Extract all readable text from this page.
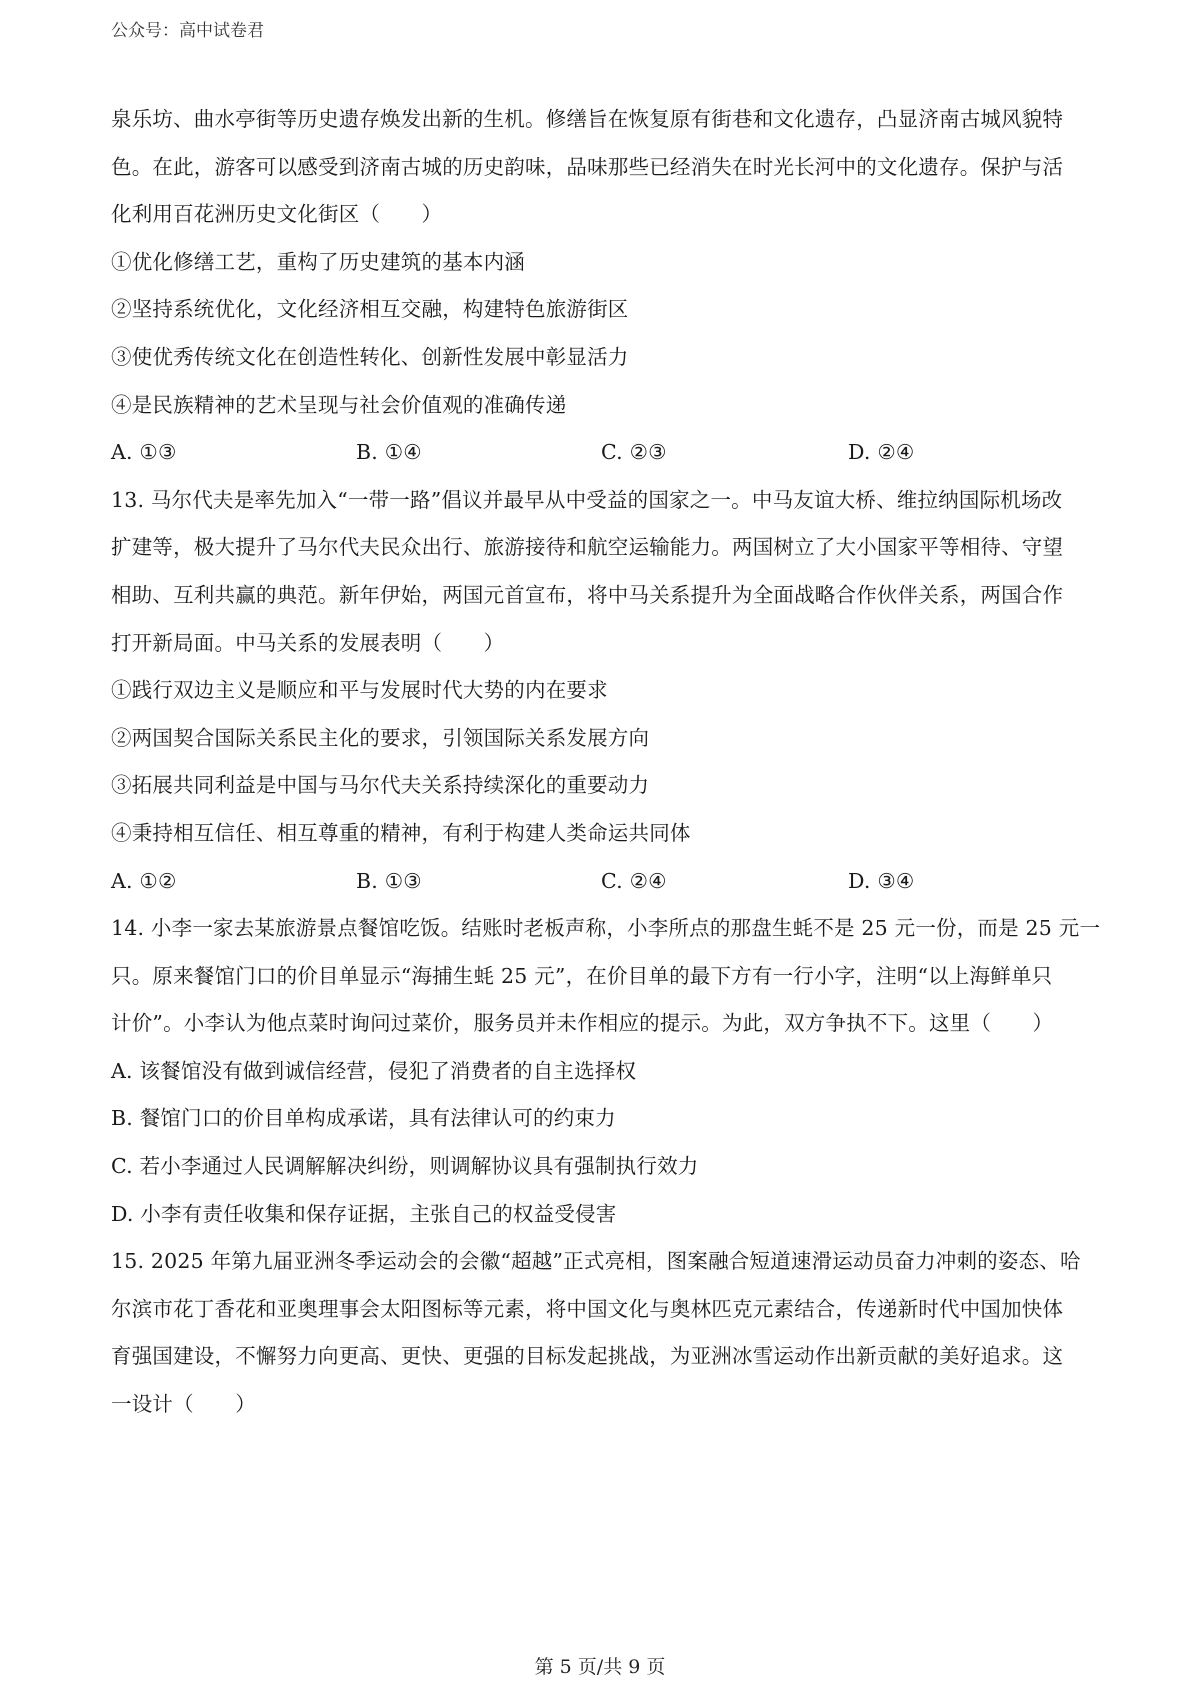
公众号：高中试卷君
泉乐坊、曲水亭街等历史遗存焕发出新的生机。修缮旨在恢复原有街巷和文化遗存，凸显济南古城风貌特
色。在此，游客可以感受到济南古城的历史韵味，品味那些已经消失在时光长河中的文化遗存。保护与活
化利用百花洲历史文化街区（　　）
①优化修缮工艺，重构了历史建筑的基本内涵
②坚持系统优化，文化经济相互交融，构建特色旅游街区
③使优秀传统文化在创造性转化、创新性发展中彰显活力
④是民族精神的艺术呈现与社会价值观的准确传递
A. ①③	B. ①④	C. ②③	D. ②④
13. 马尔代夫是率先加入“一带一路”倡议并最早从中受益的国家之一。中马友谊大桥、维拉纳国际机场改
扩建等，极大提升了马尔代夫民众出行、旅游接待和航空运输能力。两国树立了大小国家平等相待、守望
相助、互利共赢的典范。新年伊始，两国元首宣布，将中马关系提升为全面战略合作伙伴关系，两国合作
打开新局面。中马关系的发展表明（　　）
①践行双边主义是顺应和平与发展时代大势的内在要求
②两国契合国际关系民主化的要求，引领国际关系发展方向
③拓展共同利益是中国与马尔代夫关系持续深化的重要动力
④秉持相互信任、相互尊重的精神，有利于构建人类命运共同体
A. ①②	B. ①③	C. ②④	D. ③④
14. 小李一家去某旅游景点餐馆吃饭。结账时老板声称，小李所点的那盘生蚝不是 25 元一份，而是 25 元一
只。原来餐馆门口的价目单显示“海捕生蚝 25 元”，在价目单的最下方有一行小字，注明“以上海鲜单只
计价”。小李认为他点菜时询问过菜价，服务员并未作相应的提示。为此，双方争执不下。这里（　　）
A. 该餐馆没有做到诚信经营，侵犯了消费者的自主选择权
B. 餐馆门口的价目单构成承诺，具有法律认可的约束力
C. 若小李通过人民调解解决纠纷，则调解协议具有强制执行效力
D. 小李有责任收集和保存证据，主张自己的权益受侵害
15. 2025 年第九届亚洲冬季运动会的会徽“超越”正式亮相，图案融合短道速滑运动员奋力冲刺的姿态、哈
尔滨市花丁香花和亚奥理事会太阳图标等元素，将中国文化与奥林匹克元素结合，传递新时代中国加快体
育强国建设，不懈努力向更高、更快、更强的目标发起挑战，为亚洲冰雪运动作出新贡献的美好追求。这
一设计（　　）
第 5 页/共 9 页
